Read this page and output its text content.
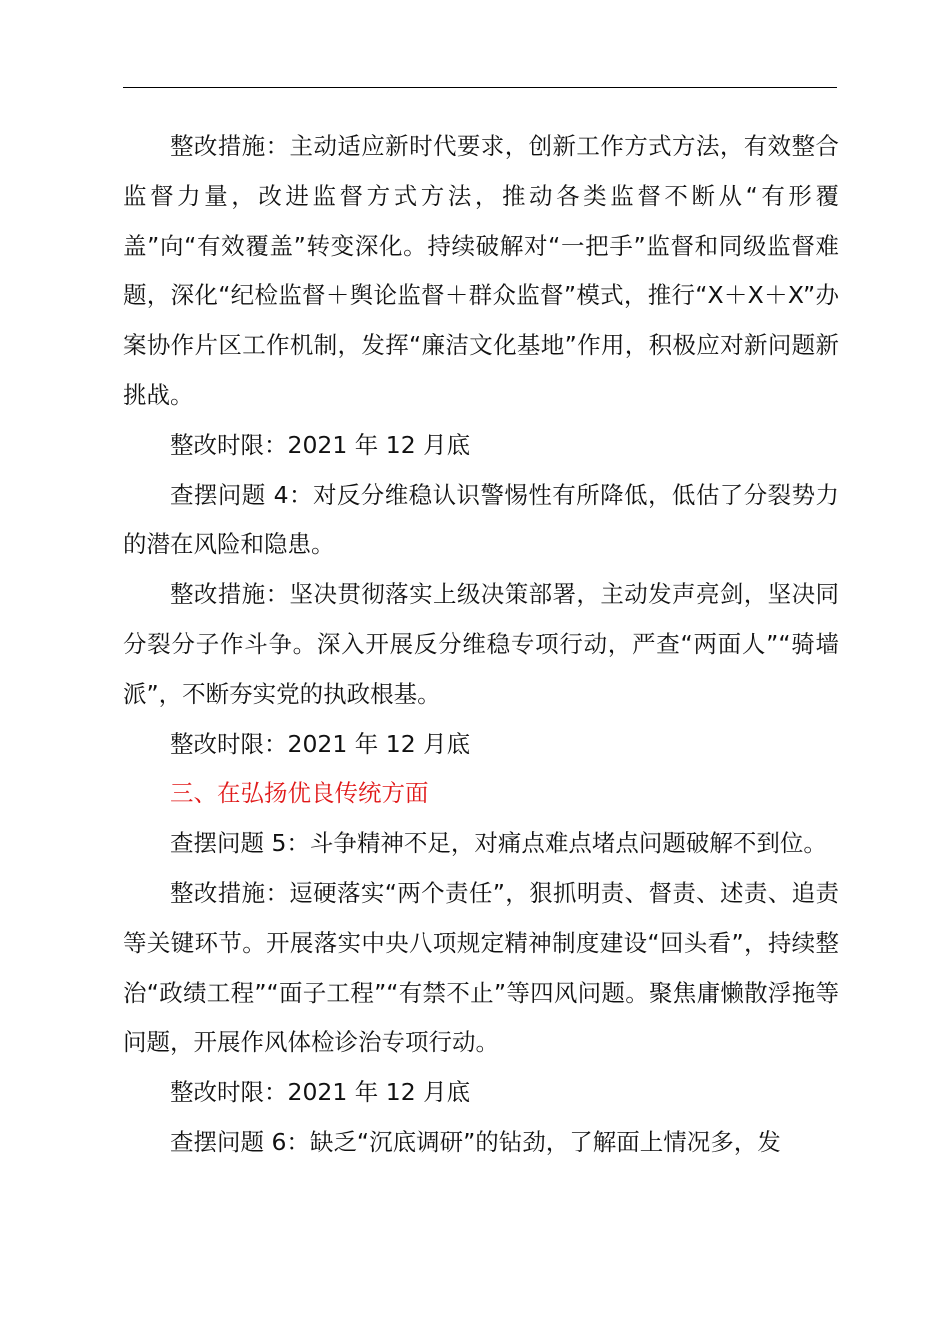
整改措施：主动适应新时代要求，创新工作方式方法，有效整合监督力量，改进监督方式方法，推动各类监督不断从“有形覆盖”向“有效覆盖”转变深化。持续破解对“一把手”监督和同级监督难题，深化“纪检监督＋舆论监督＋群众监督”模式，推行“X＋X＋X”办案协作片区工作机制，发挥“廉洁文化基地”作用，积极应对新问题新挑战。

整改时限：2021 年 12 月底

查摆问题 4：对反分维稳认识警惕性有所降低，低估了分裂势力的潜在风险和隐患。

整改措施：坚决贯彻落实上级决策部署，主动发声亮剑，坚决同分裂分子作斗争。深入开展反分维稳专项行动，严查“两面人”“骑墙派”，不断夯实党的执政根基。

整改时限：2021 年 12 月底

三、在弘扬优良传统方面

查摆问题 5：斗争精神不足，对痛点难点堵点问题破解不到位。

整改措施：逗硬落实“两个责任”，狠抓明责、督责、述责、追责等关键环节。开展落实中央八项规定精神制度建设“回头看”，持续整治“政绩工程”“面子工程”“有禁不止”等四风问题。聚焦庸懒散浮拖等问题，开展作风体检诊治专项行动。

整改时限：2021 年 12 月底

查摆问题 6：缺乏“沉底调研”的钻劲，了解面上情况多，发
